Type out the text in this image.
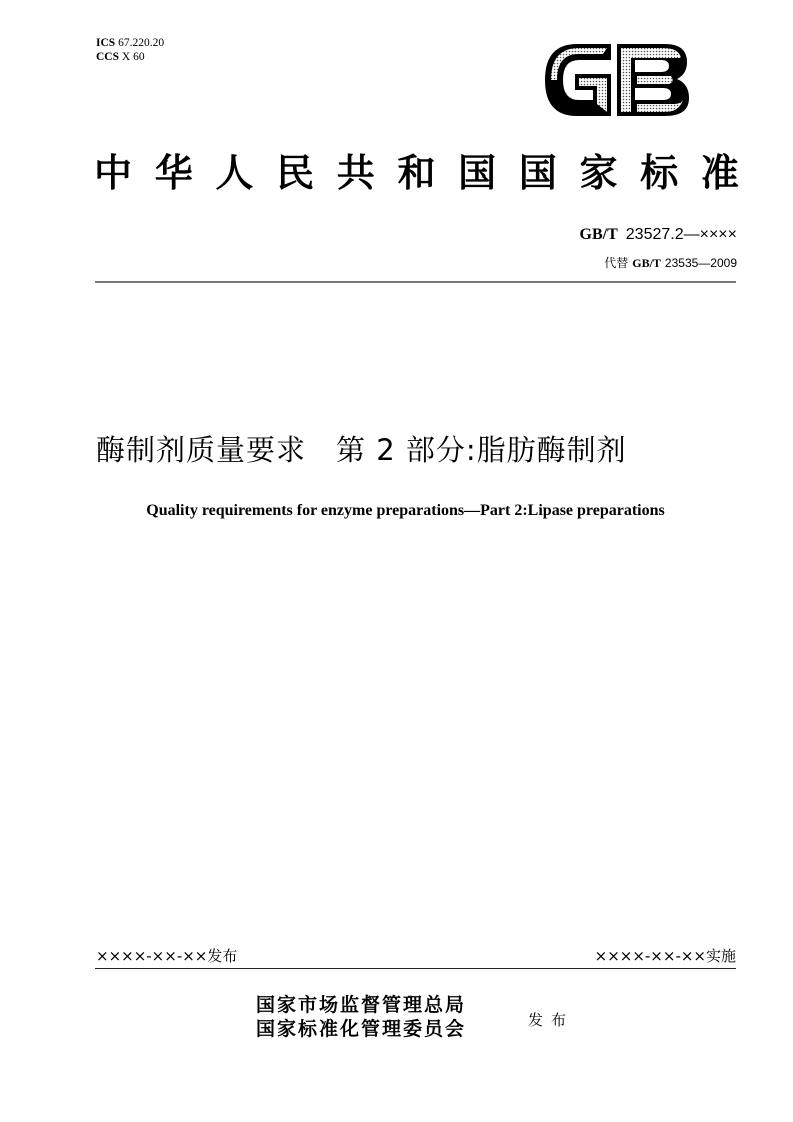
ICS 67.220.20
CCS X 60
中 华 人 民 共 和 国 国 家 标 准
GB/T 23527.2—××××
代替 GB/T 23535—2009
酶制剂质量要求　第 2 部分:脂肪酶制剂
Quality requirements for enzyme preparations—Part 2:Lipase preparations
××××-××-××发布	××××-××-××实施
国家市场监督管理总局
国家标准化管理委员会	发布
